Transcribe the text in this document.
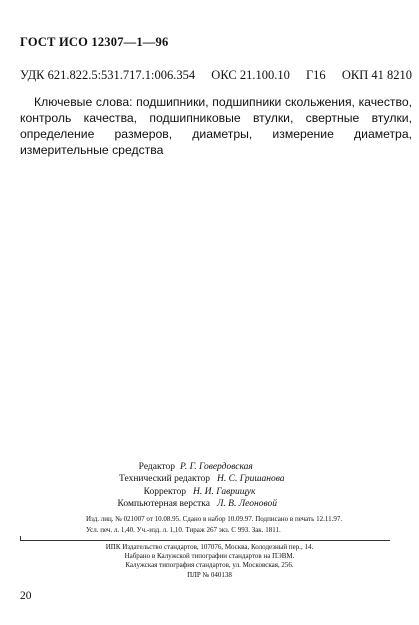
ГОСТ ИСО 12307—1—96
УДК 621.822.5:531.717.1:006.354 ОКС 21.100.10 Г16 ОКП 41 8210
Ключевые слова: подшипники, подшипники скольжения, качество, контроль качества, подшипниковые втулки, свертные втулки, определение размеров, диаметры, измерение диаметра, измерительные средства
Редактор Р. Г. Говердовская
Технический редактор Н. С. Гришанова
Корректор Н. И. Гаврищук
Компьютерная верстка Л. В. Леоновой
Изд. лиц. № 021007 от 10.08.95. Сдано в набор 10.09.97. Подписано в печать 12.11.97.
Усл. печ. л. 1,40. Уч.-изд. л. 1,10. Тираж 267 экз. С 993. Зак. 1811.
ИПК Издательство стандартов, 107076, Москва, Колодезный пер., 14.
Набрано в Калужской типографии стандартов на ПЭВМ.
Калужская типография стандартов, ул. Московская, 256.
ПЛР № 040138
20
